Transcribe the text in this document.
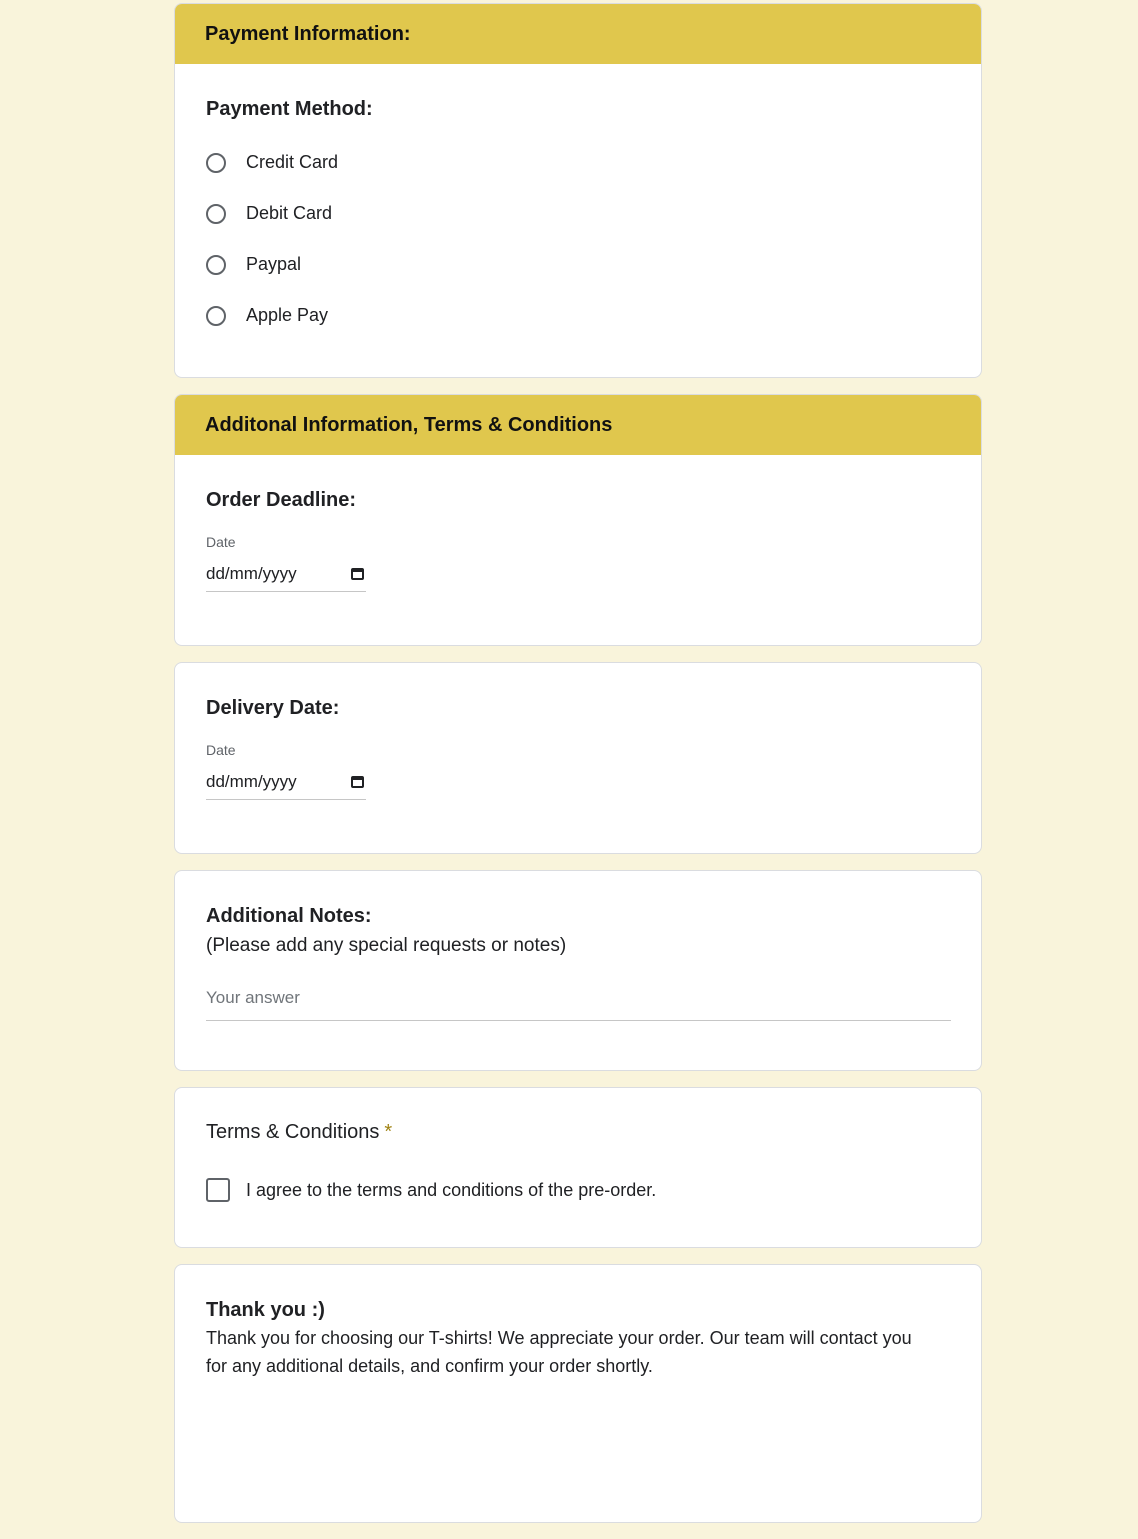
Payment Information:
Payment Method:
Credit Card
Debit Card
Paypal
Apple Pay
Additonal Information, Terms & Conditions
Order Deadline:
Date
dd/mm/yyyy
Delivery Date:
Date
dd/mm/yyyy
Additional Notes:
(Please add any special requests or notes)
Your answer
Terms & Conditions *
I agree to the terms and conditions of the pre-order.
Thank you :)
Thank you for choosing our T-shirts! We appreciate your order. Our team will contact you for any additional details, and confirm your order shortly.
